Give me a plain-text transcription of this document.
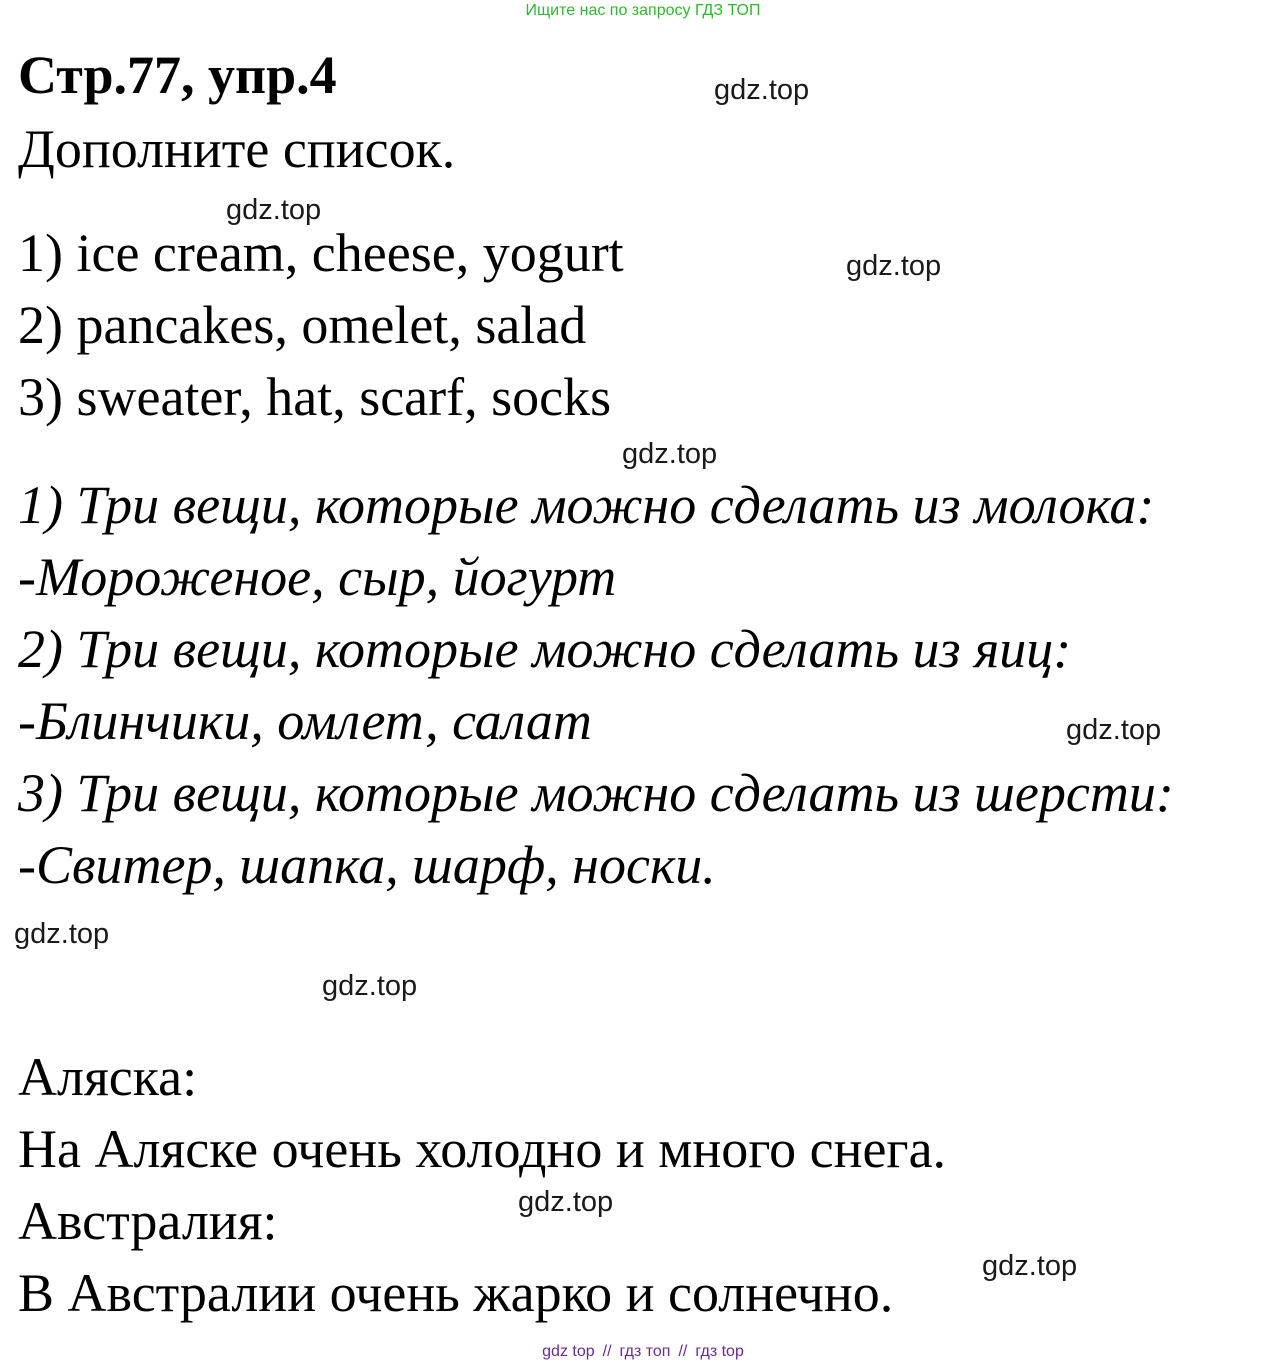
Ищите нас по запросу ГДЗ ТОП
Стр.77, упр.4
Дополните список.
1) ice cream, cheese, yogurt
2) pancakes, omelet, salad
3) sweater, hat, scarf, socks
1) Три вещи, которые можно сделать из молока:
-Мороженое, сыр, йогурт
2) Три вещи, которые можно сделать из яиц:
-Блинчики, омлет, салат
3) Три вещи, которые можно сделать из шерсти:
-Свитер, шапка, шарф, носки.
Аляска:
На Аляске очень холодно и много снега.
Австралия:
В Австралии очень жарко и солнечно.
gdz.top
gdz.top
gdz.top
gdz.top
gdz.top
gdz.top
gdz.top
gdz.top
gdz.top
gdz top // гдз топ // гдз top
